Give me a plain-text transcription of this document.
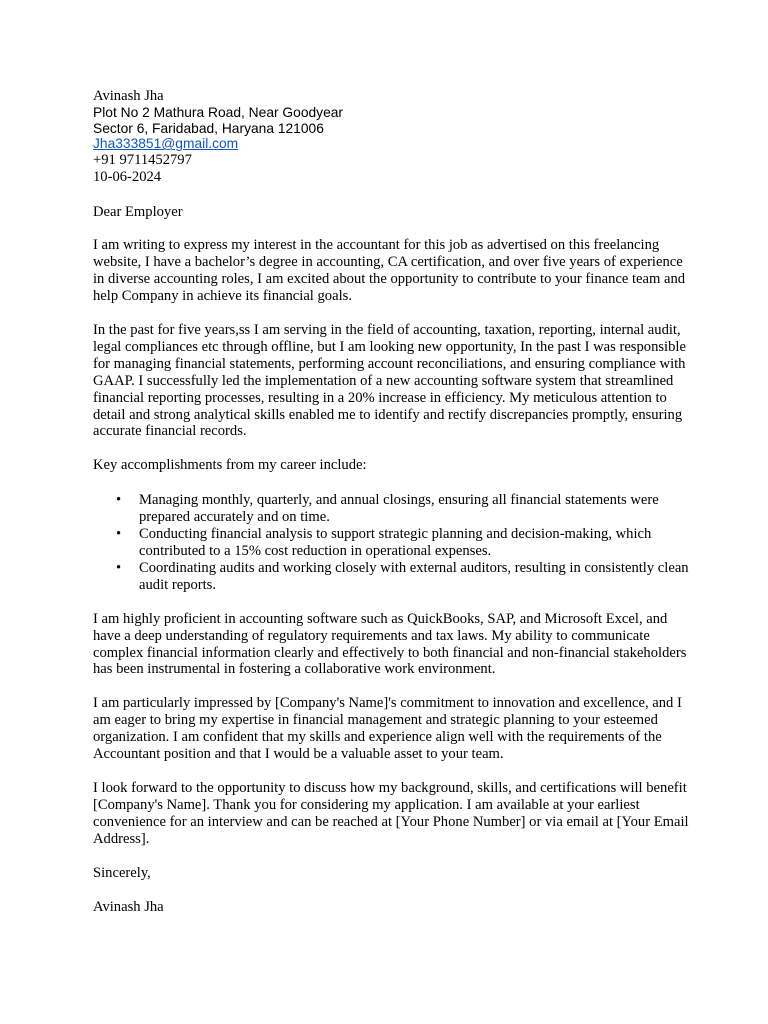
Avinash Jha
Plot No 2 Mathura Road, Near Goodyear
Sector 6, Faridabad, Haryana 121006
Jha333851@gmail.com
+91 9711452797
10-06-2024

Dear Employer

I am writing to express my interest in the accountant for this job as advertised on this freelancing website, I have a bachelor’s degree in accounting, CA certification, and over five years of experience in diverse accounting roles, I am excited about the opportunity to contribute to your finance team and help Company in achieve its financial goals.

In the past for five years,ss I am serving in the field of accounting, taxation, reporting, internal audit, legal compliances etc through offline, but I am looking new opportunity, In the past I was responsible for managing financial statements, performing account reconciliations, and ensuring compliance with GAAP. I successfully led the implementation of a new accounting software system that streamlined financial reporting processes, resulting in a 20% increase in efficiency. My meticulous attention to detail and strong analytical skills enabled me to identify and rectify discrepancies promptly, ensuring accurate financial records.

Key accomplishments from my career include:

• Managing monthly, quarterly, and annual closings, ensuring all financial statements were prepared accurately and on time.
• Conducting financial analysis to support strategic planning and decision-making, which contributed to a 15% cost reduction in operational expenses.
• Coordinating audits and working closely with external auditors, resulting in consistently clean audit reports.

I am highly proficient in accounting software such as QuickBooks, SAP, and Microsoft Excel, and have a deep understanding of regulatory requirements and tax laws. My ability to communicate complex financial information clearly and effectively to both financial and non-financial stakeholders has been instrumental in fostering a collaborative work environment.

I am particularly impressed by [Company's Name]'s commitment to innovation and excellence, and I am eager to bring my expertise in financial management and strategic planning to your esteemed organization. I am confident that my skills and experience align well with the requirements of the Accountant position and that I would be a valuable asset to your team.

I look forward to the opportunity to discuss how my background, skills, and certifications will benefit [Company's Name]. Thank you for considering my application. I am available at your earliest convenience for an interview and can be reached at [Your Phone Number] or via email at [Your Email Address].

Sincerely,

Avinash Jha
